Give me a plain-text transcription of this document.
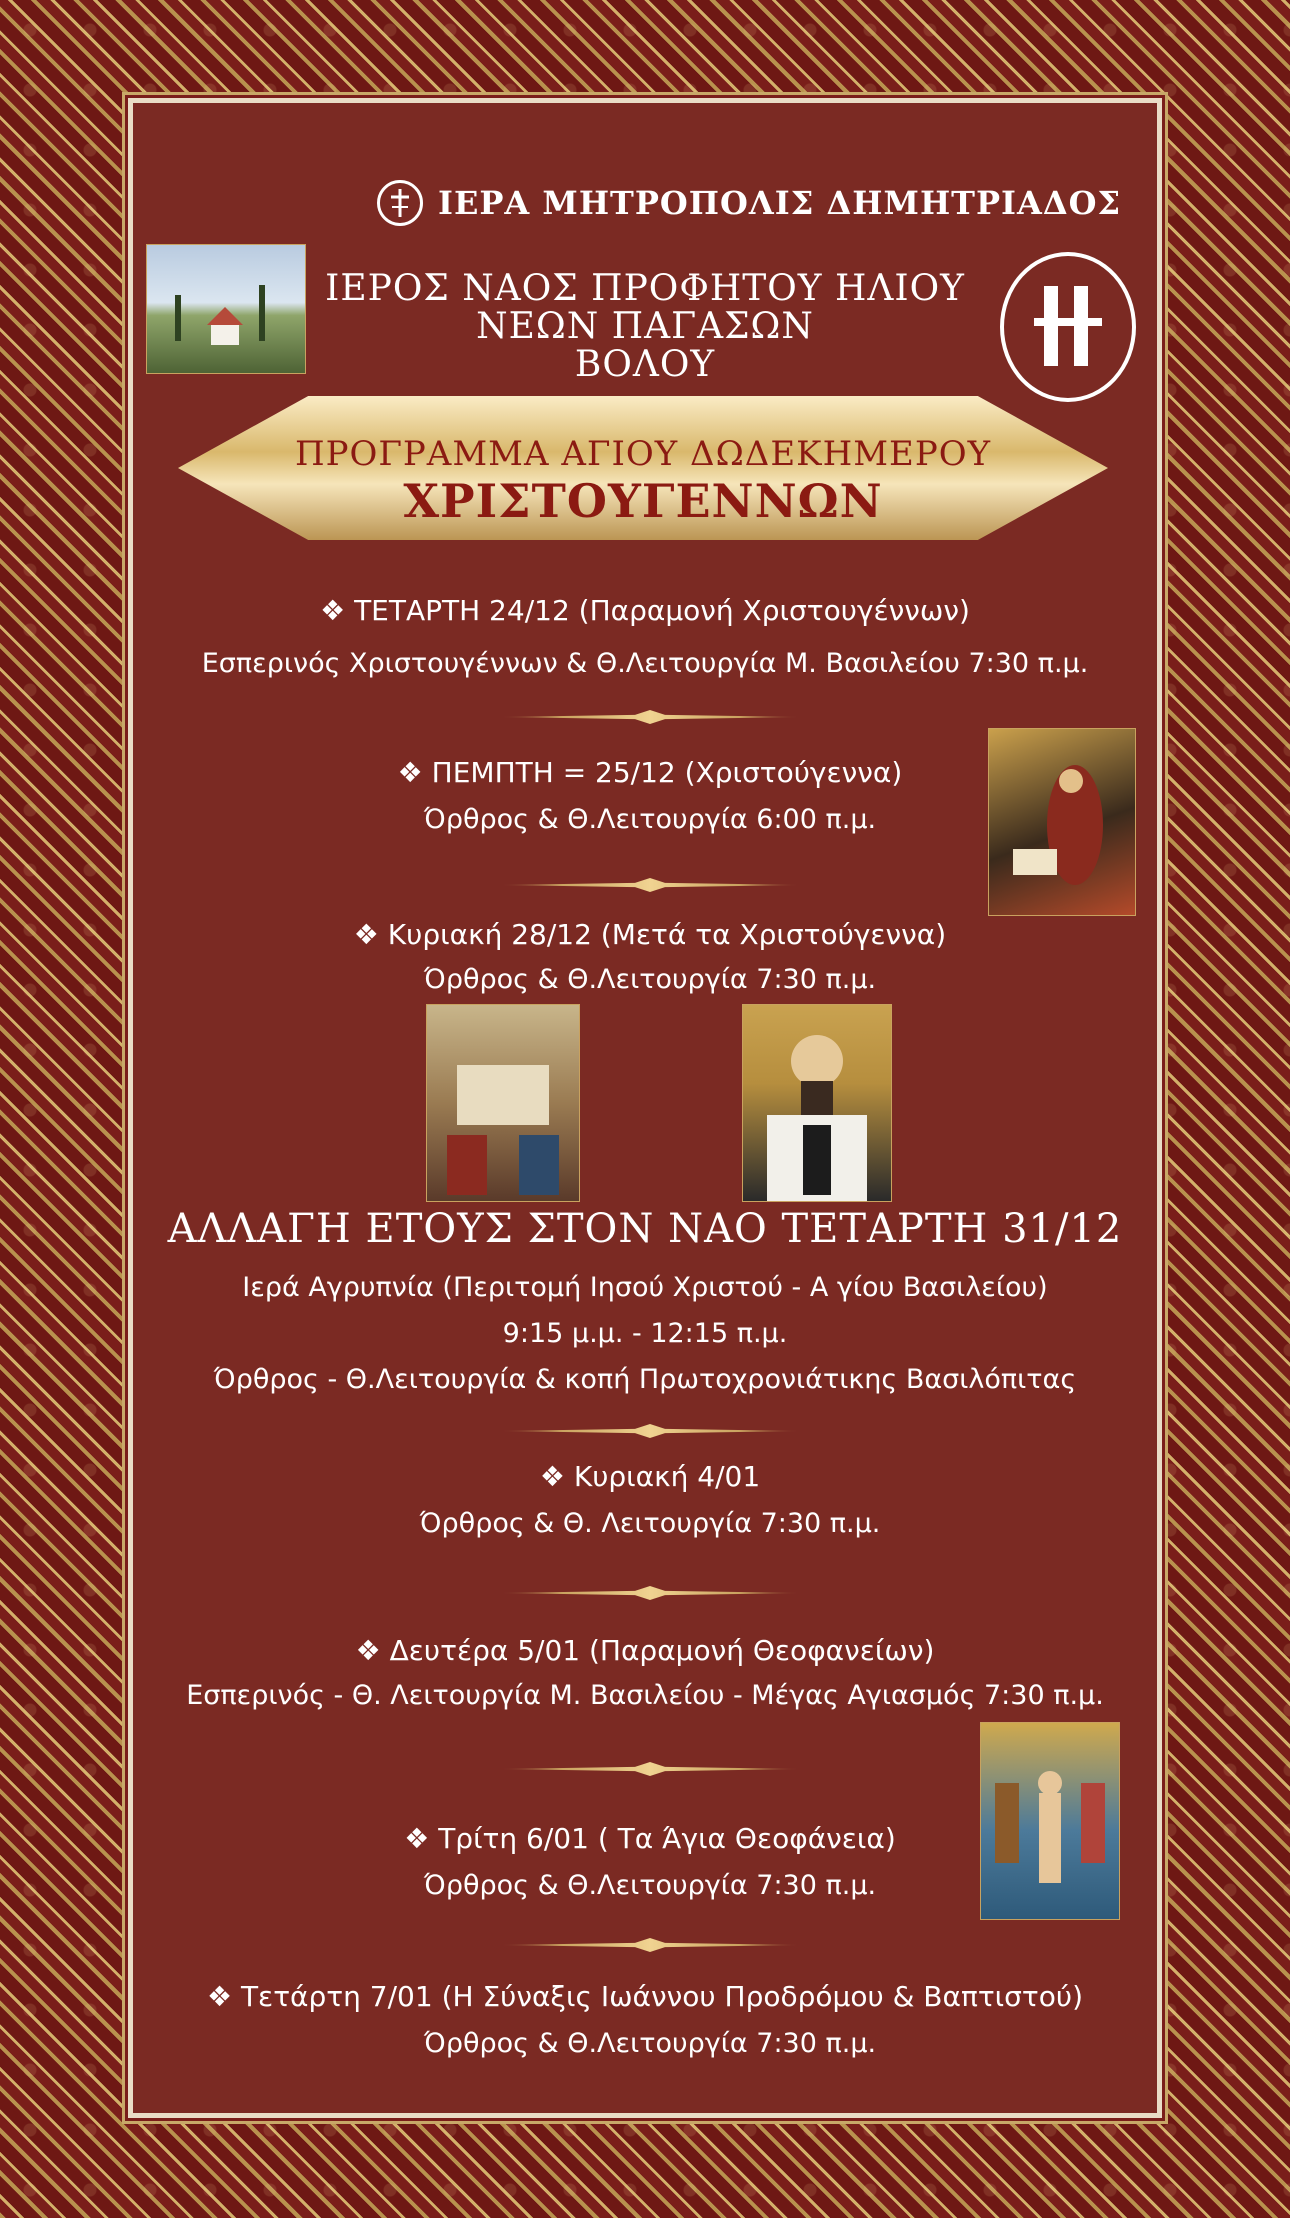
ΙΕΡΑ ΜΗΤΡΟΠΟΛΙΣ ΔΗΜΗΤΡΙΑΔΟΣ
ΙΕΡΟΣ ΝΑΟΣ ΠΡΟΦΗΤΟΥ ΗΛΙΟΥ
ΝΕΩΝ ΠΑΓΑΣΩΝ
ΒΟΛΟΥ
ΠΡΟΓΡΑΜΜΑ ΑΓΙΟΥ ΔΩΔΕΚΗΜΕΡΟΥ
ΧΡΙΣΤΟΥΓΕΝΝΩΝ
❖ ΤΕΤΑΡΤΗ 24/12 (Παραμονή Χριστουγέννων)
Εσπερινός Χριστουγέννων & Θ.Λειτουργία Μ. Βασιλείου 7:30 π.μ.
❖ ΠΕΜΠΤΗ = 25/12 (Χριστούγεννα)
Όρθρος & Θ.Λειτουργία 6:00 π.μ.
❖ Κυριακή 28/12 (Μετά τα Χριστούγεννα)
Όρθρος & Θ.Λειτουργία 7:30 π.μ.
ΑΛΛΑΓΗ ΕΤΟΥΣ ΣΤΟΝ ΝΑΟ ΤΕΤΑΡΤΗ 31/12
Ιερά Αγρυπνία (Περιτομή Ιησού Χριστού - Α γίου Βασιλείου)
9:15 μ.μ. - 12:15 π.μ.
Όρθρος - Θ.Λειτουργία & κοπή Πρωτοχρονιάτικης Βασιλόπιτας
❖ Κυριακή 4/01
Όρθρος & Θ. Λειτουργία 7:30 π.μ.
❖ Δευτέρα 5/01 (Παραμονή Θεοφανείων)
Εσπερινός - Θ. Λειτουργία Μ. Βασιλείου - Μέγας Αγιασμός 7:30 π.μ.
❖ Τρίτη 6/01 ( Τα Άγια Θεοφάνεια)
Όρθρος & Θ.Λειτουργία 7:30 π.μ.
❖ Τετάρτη 7/01 (Η Σύναξις Ιωάννου Προδρόμου & Βαπτιστού)
Όρθρος & Θ.Λειτουργία 7:30 π.μ.
